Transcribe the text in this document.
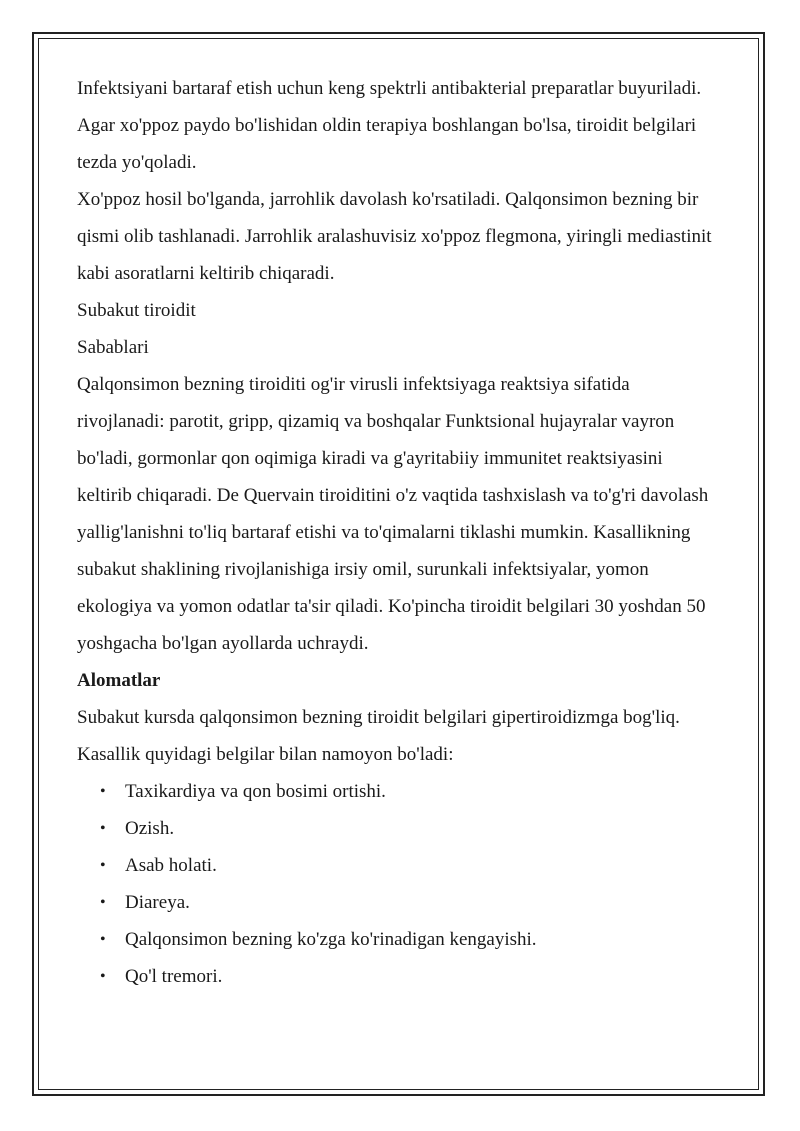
Infektsiyani bartaraf etish uchun keng spektrli antibakterial preparatlar buyuriladi. Agar xo'ppoz paydo bo'lishidan oldin terapiya boshlangan bo'lsa, tiroidit belgilari tezda yo'qoladi.

Xo'ppoz hosil bo'lganda, jarrohlik davolash ko'rsatiladi. Qalqonsimon bezning bir qismi olib tashlanadi. Jarrohlik aralashuvisiz xo'ppoz flegmona, yiringli mediastinit kabi asoratlarni keltirib chiqaradi.

Subakut tiroidit

Sabablari

Qalqonsimon bezning tiroiditi og'ir virusli infektsiyaga reaktsiya sifatida rivojlanadi: parotit, gripp, qizamiq va boshqalar Funktsional hujayralar vayron bo'ladi, gormonlar qon oqimiga kiradi va g'ayritabiiy immunitet reaktsiyasini keltirib chiqaradi. De Quervain tiroiditini o'z vaqtida tashxislash va to'g'ri davolash yallig'lanishni to'liq bartaraf etishi va to'qimalarni tiklashi mumkin. Kasallikning subakut shaklining rivojlanishiga irsiy omil, surunkali infektsiyalar, yomon ekologiya va yomon odatlar ta'sir qiladi. Ko'pincha tiroidit belgilari 30 yoshdan 50 yoshgacha bo'lgan ayollarda uchraydi.

Alomatlar

Subakut kursda qalqonsimon bezning tiroidit belgilari gipertiroidizmga bog'liq. Kasallik quyidagi belgilar bilan namoyon bo'ladi:

• Taxikardiya va qon bosimi ortishi.
• Ozish.
• Asab holati.
• Diareya.
• Qalqonsimon bezning ko'zga ko'rinadigan kengayishi.
• Qo'l tremori.
